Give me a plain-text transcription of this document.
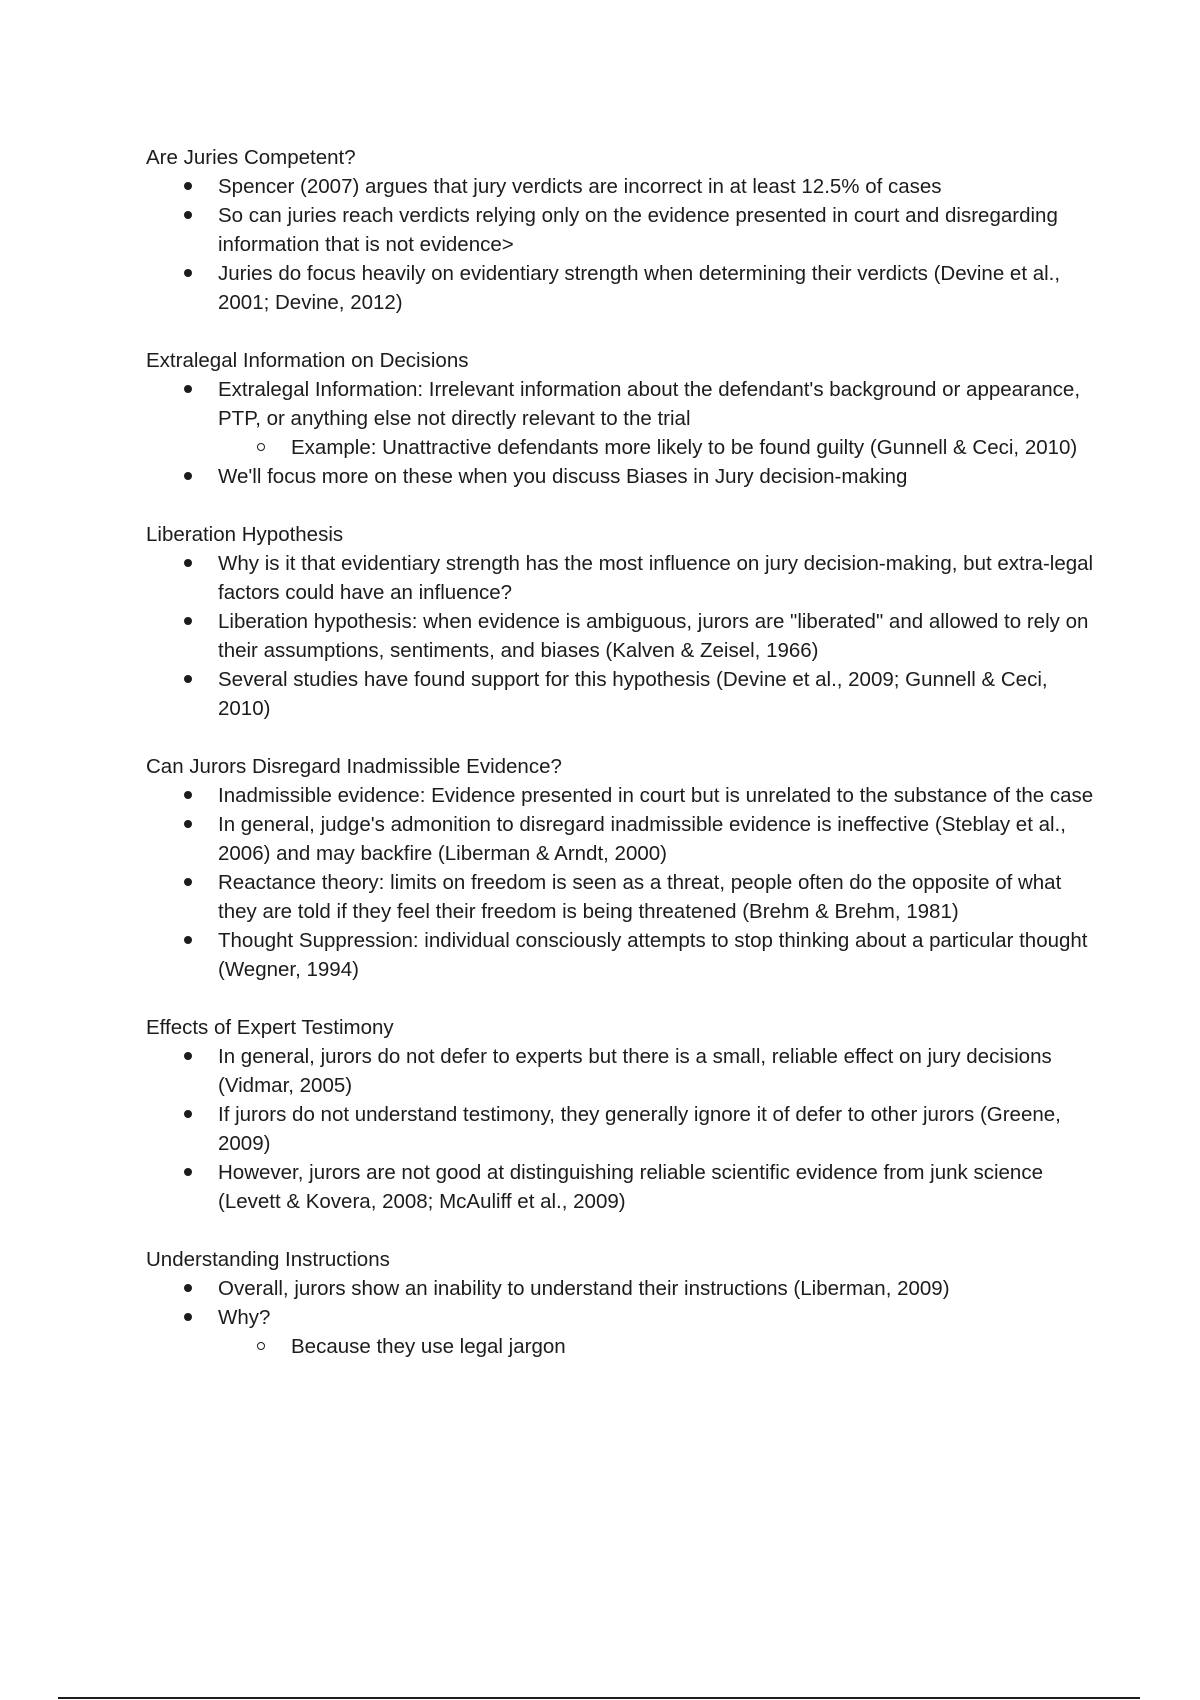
Are Juries Competent?
Spencer (2007) argues that jury verdicts are incorrect in at least 12.5% of cases
So can juries reach verdicts relying only on the evidence presented in court and disregarding information that is not evidence>
Juries do focus heavily on evidentiary strength when determining their verdicts (Devine et al., 2001; Devine, 2012)
Extralegal Information on Decisions
Extralegal Information: Irrelevant information about the defendant's background or appearance, PTP, or anything else not directly relevant to the trial
Example: Unattractive defendants more likely to be found guilty (Gunnell & Ceci, 2010)
We'll focus more on these when you discuss Biases in Jury decision-making
Liberation Hypothesis
Why is it that evidentiary strength has the most influence on jury decision-making, but extra-legal factors could have an influence?
Liberation hypothesis: when evidence is ambiguous, jurors are "liberated" and allowed to rely on their assumptions, sentiments, and biases (Kalven & Zeisel, 1966)
Several studies have found support for this hypothesis (Devine et al., 2009; Gunnell & Ceci, 2010)
Can Jurors Disregard Inadmissible Evidence?
Inadmissible evidence: Evidence presented in court but is unrelated to the substance of the case
In general, judge's admonition to disregard inadmissible evidence is ineffective (Steblay et al., 2006) and may backfire (Liberman & Arndt, 2000)
Reactance theory: limits on freedom is seen as a threat, people often do the opposite of what they are told if they feel their freedom is being threatened (Brehm & Brehm, 1981)
Thought Suppression: individual consciously attempts to stop thinking about a particular thought (Wegner, 1994)
Effects of Expert Testimony
In general, jurors do not defer to experts but there is a small, reliable effect on jury decisions (Vidmar, 2005)
If jurors do not understand testimony, they generally ignore it of defer to other jurors (Greene, 2009)
However, jurors are not good at distinguishing reliable scientific evidence from junk science (Levett & Kovera, 2008; McAuliff et al., 2009)
Understanding Instructions
Overall, jurors show an inability to understand their instructions (Liberman, 2009)
Why?
Because they use legal jargon
